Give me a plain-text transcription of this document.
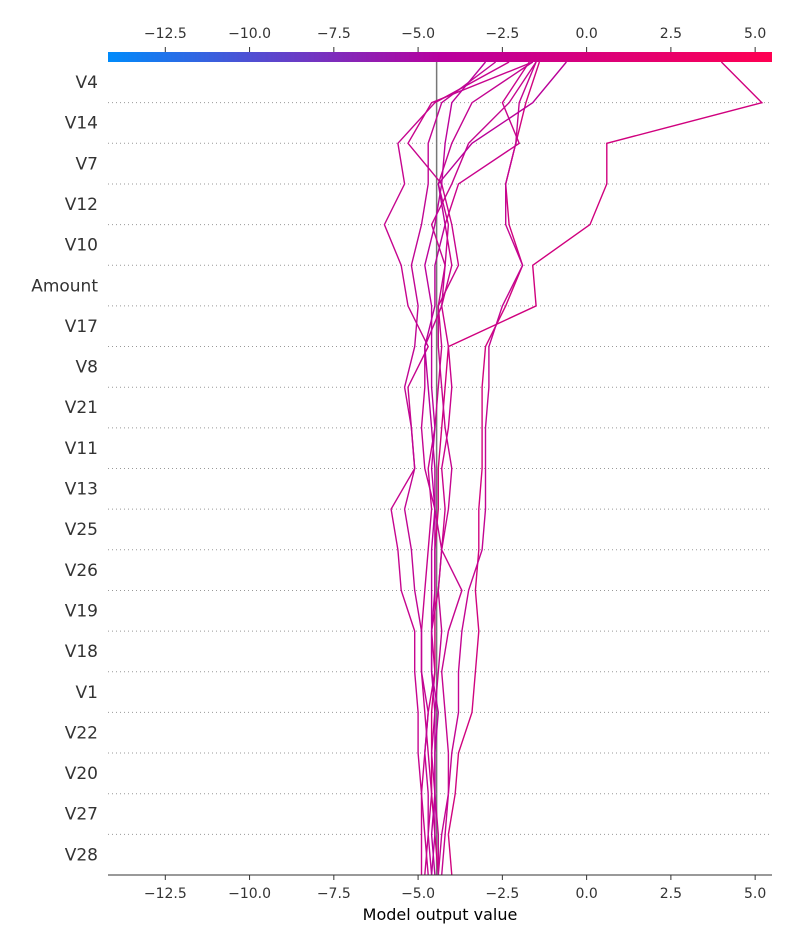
−12.5	−10.0	−7.5	−5.0	−2.5	0.0	2.5	5.0
V4
V14
V7
V12
V10
Amount
V17
V8
V21
V11
V13
V25
V26
V19
V18
V1
V22
V20
V27
V28
−12.5	−10.0	−7.5	−5.0	−2.5	0.0	2.5	5.0
Model output value
